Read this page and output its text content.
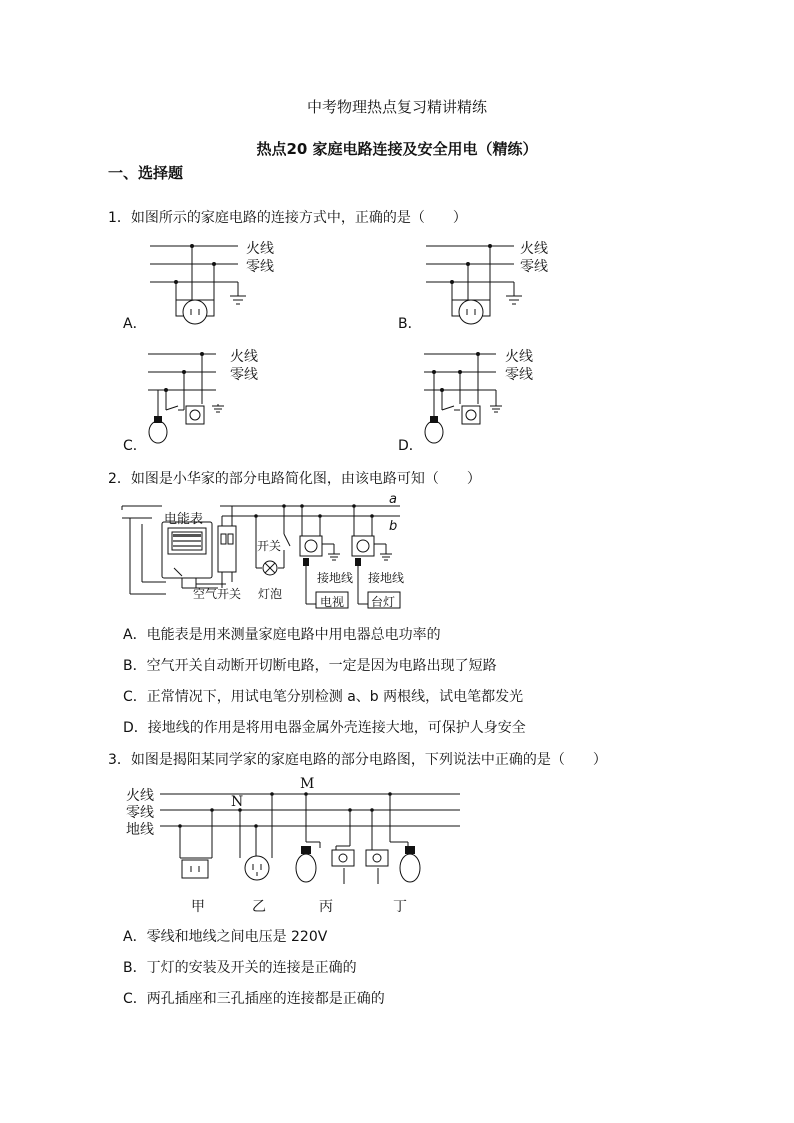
中考物理热点复习精讲精练
热点20 家庭电路连接及安全用电（精练）
一、选择题
1．如图所示的家庭电路的连接方式中，正确的是（　　）
火线
零线
A．
火线
零线
B．
火线
零线
C．
火线
零线
D．
2．如图是小华家的部分电路简化图，由该电路可知（　　）
电能表
开关
空气开关 灯泡
接地线 接地线
电视 台灯
a
b
A．电能表是用来测量家庭电路中用电器总电功率的
B．空气开关自动断开切断电路，一定是因为电路出现了短路
C．正常情况下，用试电笔分别检测 a、b 两根线，试电笔都发光
D．接地线的作用是将用电器金属外壳连接大地，可保护人身安全
3．如图是揭阳某同学家的家庭电路的部分电路图，下列说法中正确的是（　　）
火线
零线
地线
N
M
甲	乙	丙	丁
A．零线和地线之间电压是 220V
B．丁灯的安装及开关的连接是正确的
C．两孔插座和三孔插座的连接都是正确的
